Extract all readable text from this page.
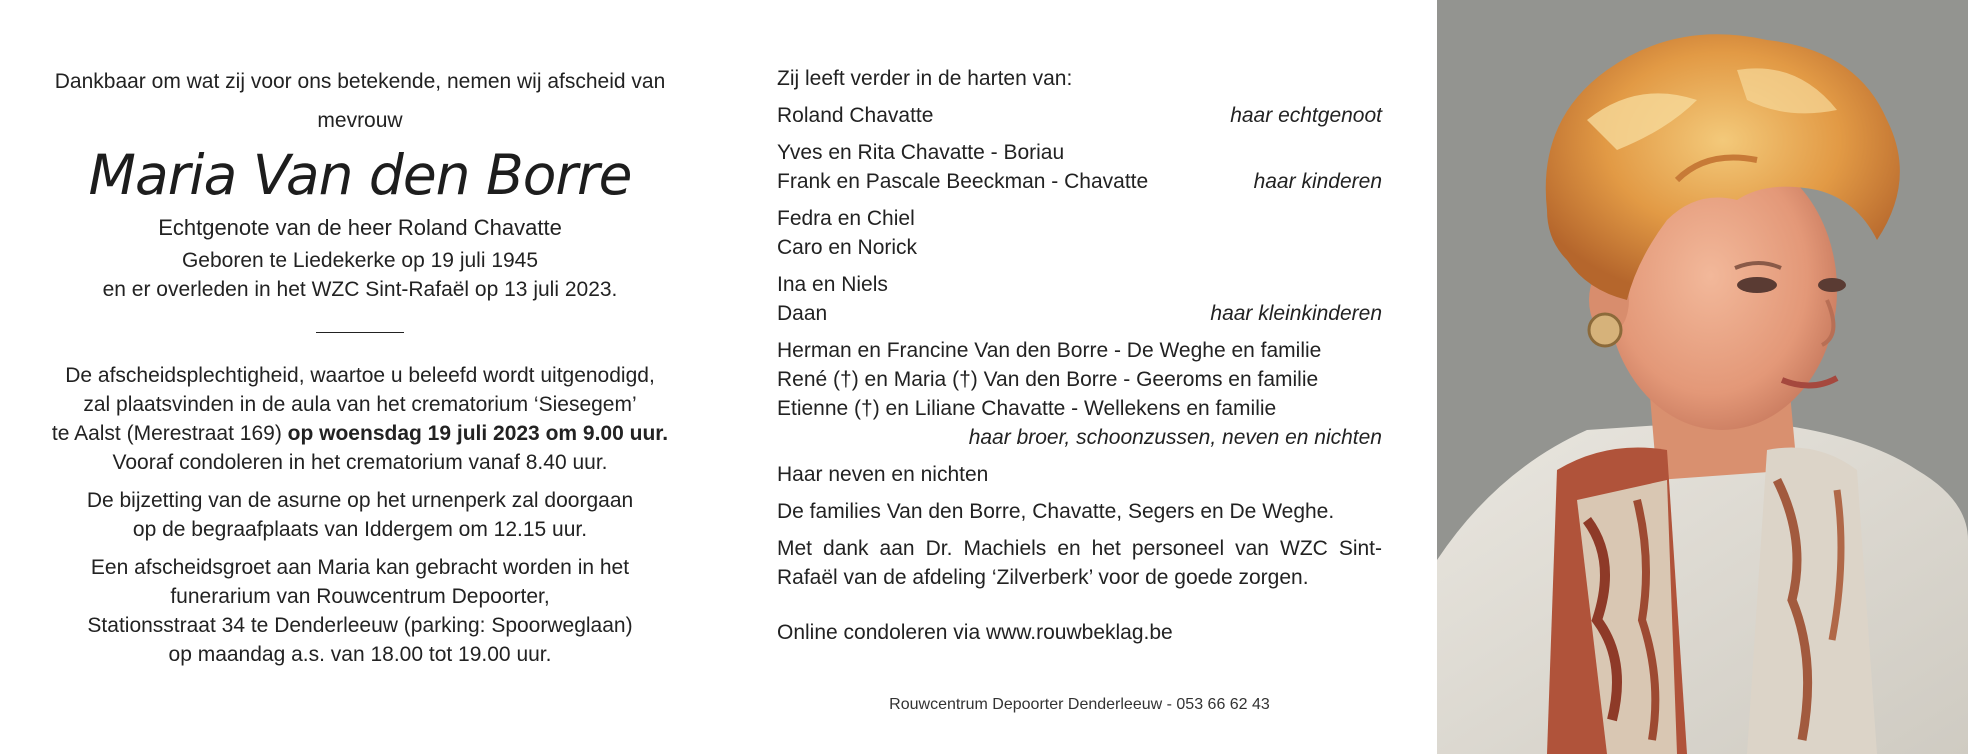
Dankbaar om wat zij voor ons betekende, nemen wij afscheid van

mevrouw

Maria Van den Borre

Echtgenote van de heer Roland Chavatte

Geboren te Liedekerke op 19 juli 1945

en er overleden in het WZC Sint-Rafaël op 13 juli 2023.

De afscheidsplechtigheid, waartoe u beleefd wordt uitgenodigd,

zal plaatsvinden in de aula van het crematorium ‘Siesegem’

te Aalst (Merestraat 169) op woensdag 19 juli 2023 om 9.00 uur.

Vooraf condoleren in het crematorium vanaf 8.40 uur.

De bijzetting van de asurne op het urnenperk zal doorgaan

op de begraafplaats van Iddergem om 12.15 uur.

Een afscheidsgroet aan Maria kan gebracht worden in het

funerarium van Rouwcentrum Depoorter,

Stationsstraat 34 te Denderleeuw (parking: Spoorweglaan)

op maandag a.s. van 18.00 tot 19.00 uur.

Zij leeft verder in de harten van:
Roland Chavatte	haar echtgenoot
Yves en Rita Chavatte - Boriau
Frank en Pascale Beeckman - Chavatte	haar kinderen
Fedra en Chiel
Caro en Norick
Ina en Niels
Daan	haar kleinkinderen
Herman en Francine Van den Borre - De Weghe en familie
René (†) en Maria (†) Van den Borre - Geeroms en familie
Etienne (†) en Liliane Chavatte - Wellekens en familie
haar broer, schoonzussen, neven en nichten
Haar neven en nichten
De families Van den Borre, Chavatte, Segers en De Weghe.
Met dank aan Dr. Machiels en het personeel van WZC Sint-Rafaël van de afdeling ‘Zilverberk’ voor de goede zorgen.
Online condoleren via www.rouwbeklag.be
Rouwcentrum Depoorter Denderleeuw - 053 66 62 43
